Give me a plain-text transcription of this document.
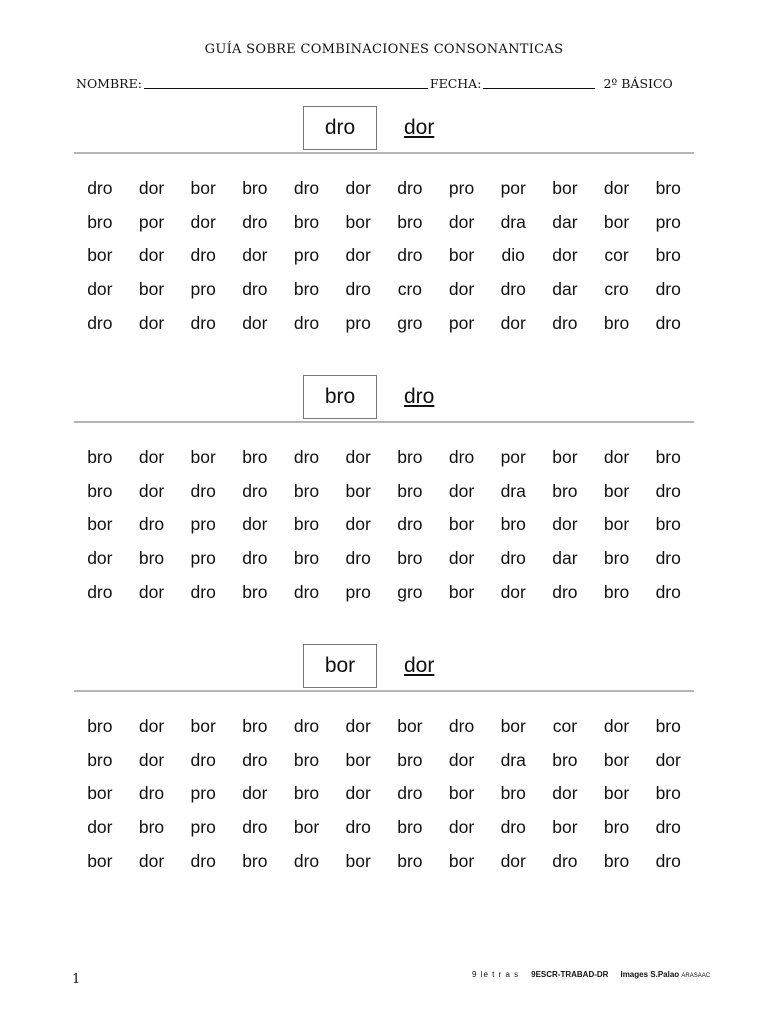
GUÍA SOBRE COMBINACIONES CONSONANTICAS
NOMBRE:	FECHA:	2º BÁSICO
dro	dor
dro	dor	bor	bro	dro	dor	dro	pro	por	bor	dor	bro
bro	por	dor	dro	bro	bor	bro	dor	dra	dar	bor	pro
bor	dor	dro	dor	pro	dor	dro	bor	dio	dor	cor	bro
dor	bor	pro	dro	bro	dro	cro	dor	dro	dar	cro	dro
dro	dor	dro	dor	dro	pro	gro	por	dor	dro	bro	dro
bro	dro
bro	dor	bor	bro	dro	dor	bro	dro	por	bor	dor	bro
bro	dor	dro	dro	bro	bor	bro	dor	dra	bro	bor	dro
bor	dro	pro	dor	bro	dor	dro	bor	bro	dor	bor	bro
dor	bro	pro	dro	bro	dro	bro	dor	dro	dar	bro	dro
dro	dor	dro	bro	dro	pro	gro	bor	dor	dro	bro	dro
bor	dor
bro	dor	bor	bro	dro	dor	bor	dro	bor	cor	dor	bro
bro	dor	dro	dro	bro	bor	bro	dor	dra	bro	bor	dor
bor	dro	pro	dor	bro	dor	dro	bor	bro	dor	bor	bro
dor	bro	pro	dro	bor	dro	bro	dor	dro	bor	bro	dro
bor	dor	dro	bro	dro	bor	bro	bor	dor	dro	bro	dro
1	9 le t r a s 9ESCR-TRABAD-DR Images S.Palao ARASAAC
